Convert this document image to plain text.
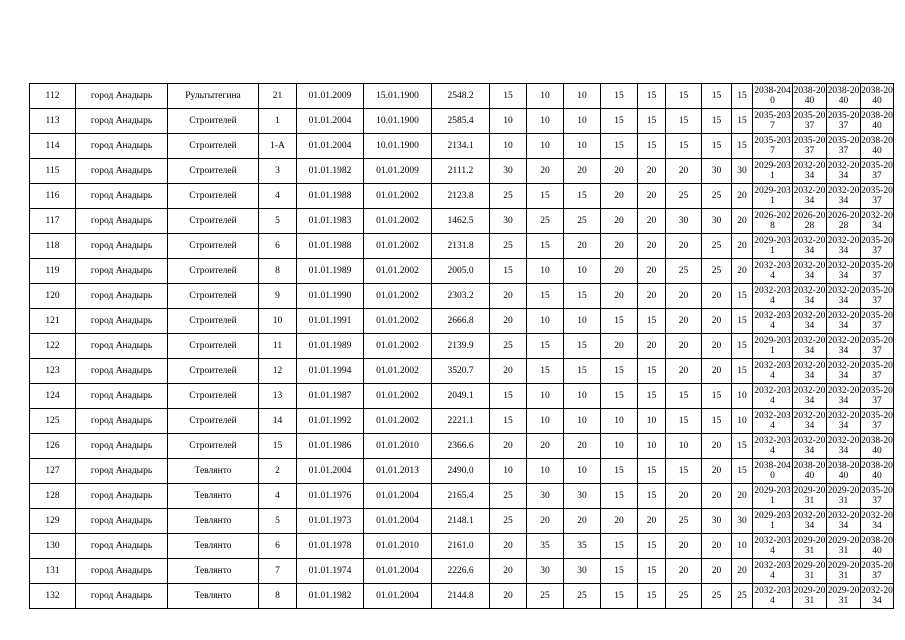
112	город Анадырь	Рультытегина	21	01.01.2009	15.01.1900	2548.2	15	10	10	15	15	15	15	15	2038-2040	2038-2040	2038-2040	2038-2040
113	город Анадырь	Строителей	1	01.01.2004	10.01.1900	2585.4	10	10	10	15	15	15	15	15	2035-2037	2035-2037	2035-2037	2038-2040
114	город Анадырь	Строителей	1-А	01.01.2004	10.01.1900	2134.1	10	10	10	15	15	15	15	15	2035-2037	2035-2037	2035-2037	2038-2040
115	город Анадырь	Строителей	3	01.01.1982	01.01.2009	2111.2	30	20	20	20	20	20	30	30	2029-2031	2032-2034	2032-2034	2035-2037
116	город Анадырь	Строителей	4	01.01.1988	01.01.2002	2123.8	25	15	15	20	20	25	25	20	2029-2031	2032-2034	2032-2034	2035-2037
117	город Анадырь	Строителей	5	01.01.1983	01.01.2002	1462.5	30	25	25	20	20	30	30	20	2026-2028	2026-2028	2026-2028	2032-2034
118	город Анадырь	Строителей	6	01.01.1988	01.01.2002	2131.8	25	15	20	20	20	20	25	20	2029-2031	2032-2034	2032-2034	2035-2037
119	город Анадырь	Строителей	8	01.01.1989	01.01.2002	2005.0	15	10	10	20	20	25	25	20	2032-2034	2032-2034	2032-2034	2035-2037
120	город Анадырь	Строителей	9	01.01.1990	01.01.2002	2303.2	20	15	15	20	20	20	20	15	2032-2034	2032-2034	2032-2034	2035-2037
121	город Анадырь	Строителей	10	01.01.1991	01.01.2002	2666.8	20	10	10	15	15	20	20	15	2032-2034	2032-2034	2032-2034	2035-2037
122	город Анадырь	Строителей	11	01.01.1989	01.01.2002	2139.9	25	15	15	20	20	20	20	15	2029-2031	2032-2034	2032-2034	2035-2037
123	город Анадырь	Строителей	12	01.01.1994	01.01.2002	3520.7	20	15	15	15	15	20	20	15	2032-2034	2032-2034	2032-2034	2035-2037
124	город Анадырь	Строителей	13	01.01.1987	01.01.2002	2049.1	15	10	10	15	15	15	15	10	2032-2034	2032-2034	2032-2034	2035-2037
125	город Анадырь	Строителей	14	01.01.1992	01.01.2002	2221.1	15	10	10	10	10	15	15	10	2032-2034	2032-2034	2032-2034	2035-2037
126	город Анадырь	Строителей	15	01.01.1986	01.01.2010	2366.6	20	20	20	10	10	10	20	15	2032-2034	2032-2034	2032-2034	2038-2040
127	город Анадырь	Тевлянто	2	01.01.2004	01.01.2013	2490.0	10	10	10	15	15	15	20	15	2038-2040	2038-2040	2038-2040	2038-2040
128	город Анадырь	Тевлянто	4	01.01.1976	01.01.2004	2165.4	25	30	30	15	15	20	20	20	2029-2031	2029-2031	2029-2031	2035-2037
129	город Анадырь	Тевлянто	5	01.01.1973	01.01.2004	2148.1	25	20	20	20	20	25	30	30	2029-2031	2032-2034	2032-2034	2032-2034
130	город Анадырь	Тевлянто	6	01.01.1978	01.01.2010	2161.0	20	35	35	15	15	20	20	10	2032-2034	2029-2031	2029-2031	2038-2040
131	город Анадырь	Тевлянто	7	01.01.1974	01.01.2004	2226.6	20	30	30	15	15	20	20	20	2032-2034	2029-2031	2029-2031	2035-2037
132	город Анадырь	Тевлянто	8	01.01.1982	01.01.2004	2144.8	20	25	25	15	15	25	25	25	2032-2034	2029-2031	2029-2031	2032-2034
